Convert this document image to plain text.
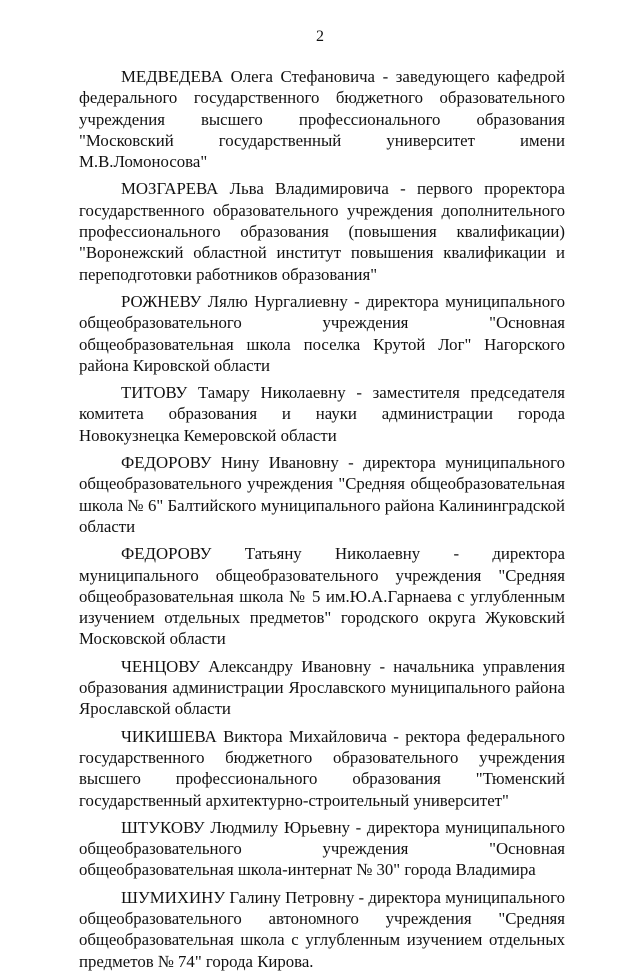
2

МЕДВЕДЕВА Олега Стефановича - заведующего кафедрой федерального государственного бюджетного образовательного учреждения высшего профессионального образования "Московский государственный университет имени М.В.Ломоносова"

МОЗГАРЕВА Льва Владимировича - первого проректора государственного образовательного учреждения дополнительного профессионального образования (повышения квалификации) "Воронежский областной институт повышения квалификации и переподготовки работников образования"

РОЖНЕВУ Лялю Нургалиевну - директора муниципального общеобразовательного учреждения "Основная общеобразовательная школа поселка Крутой Лог" Нагорского района Кировской области

ТИТОВУ Тамару Николаевну - заместителя председателя комитета образования и науки администрации города Новокузнецка Кемеровской области

ФЕДОРОВУ Нину Ивановну - директора муниципального общеобразовательного учреждения "Средняя общеобразовательная школа № 6" Балтийского муниципального района Калининградской области

ФЕДОРОВУ Татьяну Николаевну - директора муниципального общеобразовательного учреждения "Средняя общеобразовательная школа № 5 им.Ю.А.Гарнаева с углубленным изучением отдельных предметов" городского округа Жуковский Московской области

ЧЕНЦОВУ Александру Ивановну - начальника управления образования администрации Ярославского муниципального района Ярославской области

ЧИКИШЕВА Виктора Михайловича - ректора федерального государственного бюджетного образовательного учреждения высшего профессионального образования "Тюменский государственный архитектурно-строительный университет"

ШТУКОВУ Людмилу Юрьевну - директора муниципального общеобразовательного учреждения "Основная общеобразовательная школа-интернат № 30" города Владимира

ШУМИХИНУ Галину Петровну - директора муниципального общеобразовательного автономного учреждения "Средняя общеобразовательная школа с углубленным изучением отдельных предметов № 74" города Кирова.
